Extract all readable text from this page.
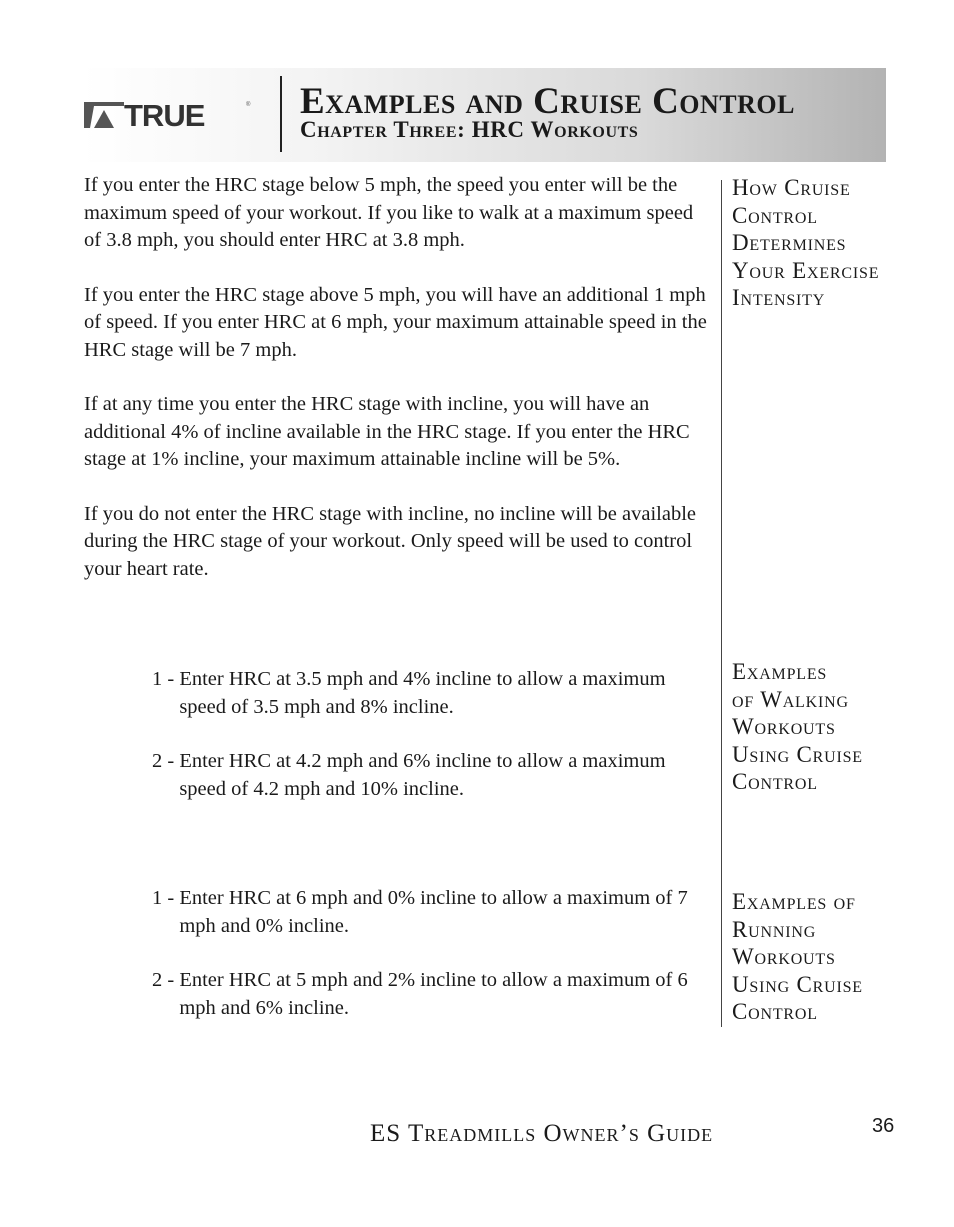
TRUE	® Examples and Cruise Control
Chapter Three: HRC Workouts

If you enter the HRC stage below 5 mph, the speed you enter will be the maximum speed of your workout. If you like to walk at a maximum speed of 3.8 mph, you should enter HRC at 3.8 mph.

If you enter the HRC stage above 5 mph, you will have an additional 1 mph of speed. If you enter HRC at 6 mph, your maximum attainable speed in the HRC stage will be 7 mph.

If at any time you enter the HRC stage with incline, you will have an additional 4% of incline available in the HRC stage. If you enter the HRC stage at 1% incline, your maximum attainable incline will be 5%.

If you do not enter the HRC stage with incline, no incline will be available during the HRC stage of your workout. Only speed will be used to control your heart rate.

1 - Enter HRC at 3.5 mph and 4% incline to allow a maximum speed of 3.5 mph and 8% incline.
2 - Enter HRC at 4.2 mph and 6% incline to allow a maximum speed of 4.2 mph and 10% incline.
1 - Enter HRC at 6 mph and 0% incline to allow a maximum of 7 mph and 0% incline.
2 - Enter HRC at 5 mph and 2% incline to allow a maximum of 6 mph and 6% incline.
How Cruise
Control
Determines
Your Exercise
Intensity
Examples
of Walking
Workouts
Using Cruise
Control
Examples of
Running
Workouts
Using Cruise
Control

ES Treadmills Owner’s Guide	36
